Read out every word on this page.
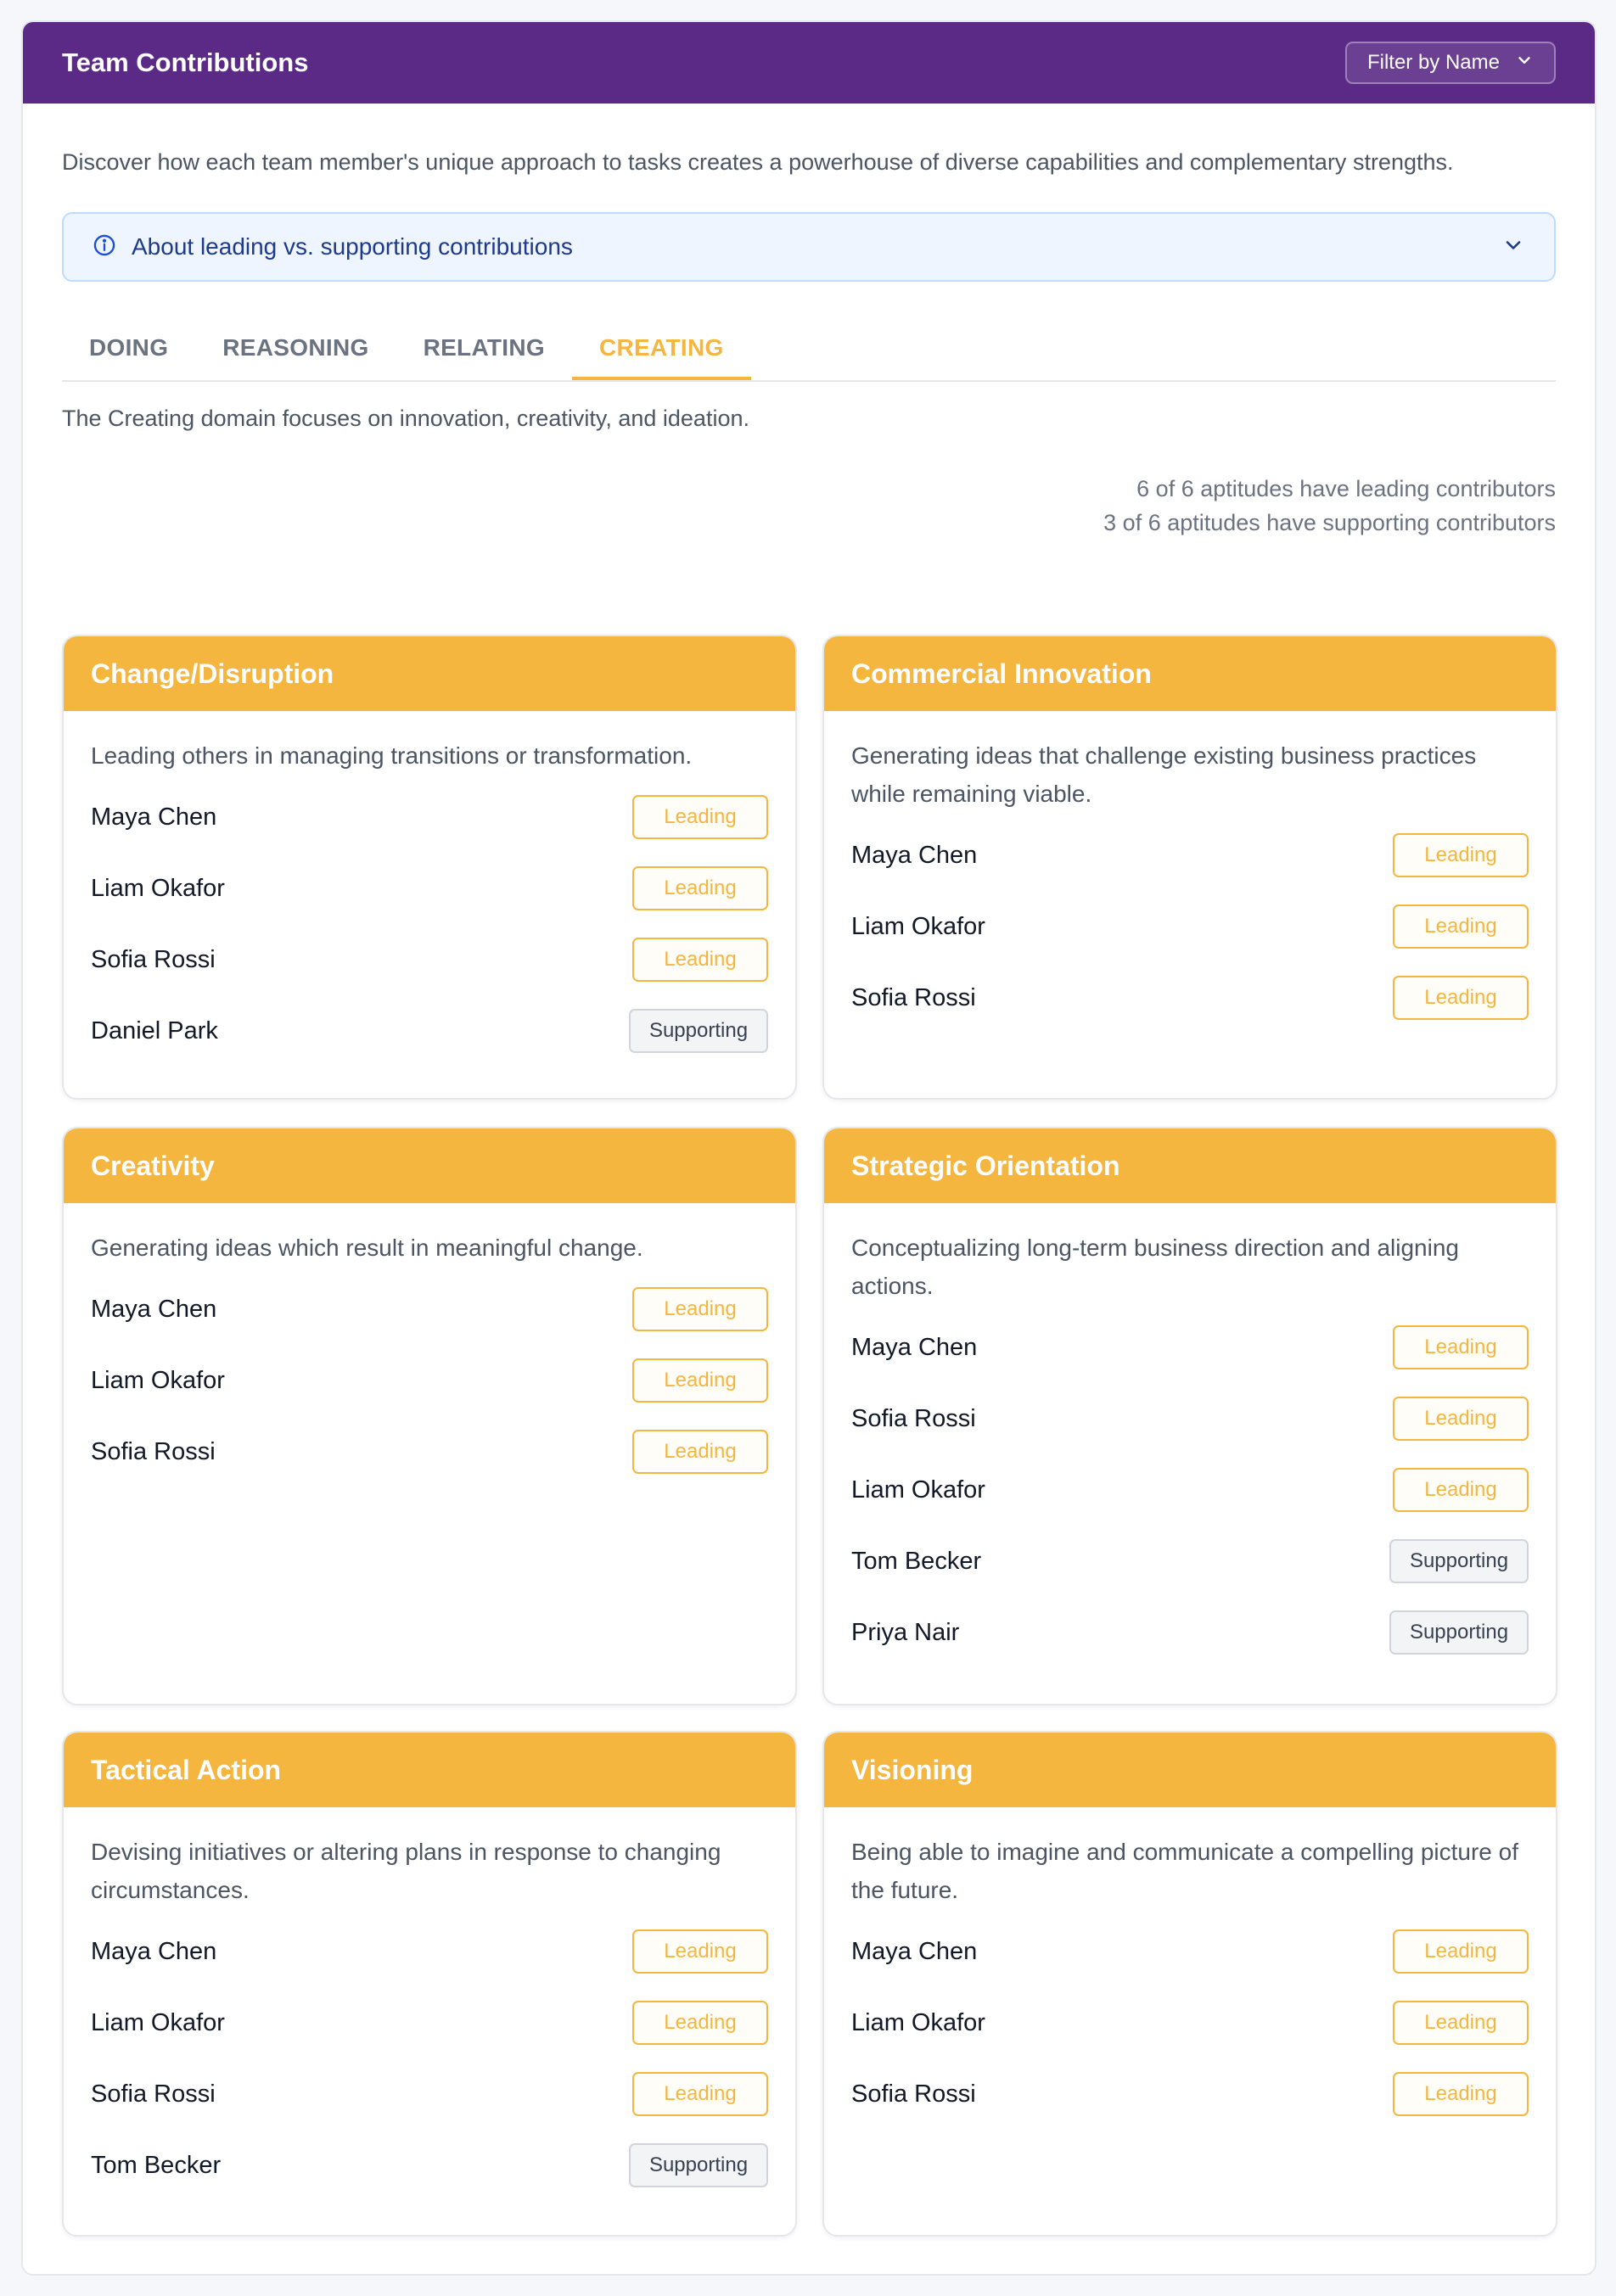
Team Contributions	Filter by Name

Discover how each team member's unique approach to tasks creates a powerhouse of diverse capabilities and complementary strengths.

About leading vs. supporting contributions
DOING	REASONING	RELATING	CREATING

The Creating domain focuses on innovation, creativity, and ideation.

6 of 6 aptitudes have leading contributors
3 of 6 aptitudes have supporting contributors
Change/Disruption

Leading others in managing transitions or transformation.

Maya Chen	Leading
Liam Okafor	Leading
Sofia Rossi	Leading
Daniel Park	Supporting
Commercial Innovation

Generating ideas that challenge existing business practices while remaining viable.

Maya Chen	Leading
Liam Okafor	Leading
Sofia Rossi	Leading
Creativity

Generating ideas which result in meaningful change.

Maya Chen	Leading
Liam Okafor	Leading
Sofia Rossi	Leading
Strategic Orientation

Conceptualizing long-term business direction and aligning actions.

Maya Chen	Leading
Sofia Rossi	Leading
Liam Okafor	Leading
Tom Becker	Supporting
Priya Nair	Supporting
Tactical Action

Devising initiatives or altering plans in response to changing circumstances.

Maya Chen	Leading
Liam Okafor	Leading
Sofia Rossi	Leading
Tom Becker	Supporting
Visioning

Being able to imagine and communicate a compelling picture of the future.

Maya Chen	Leading
Liam Okafor	Leading
Sofia Rossi	Leading
